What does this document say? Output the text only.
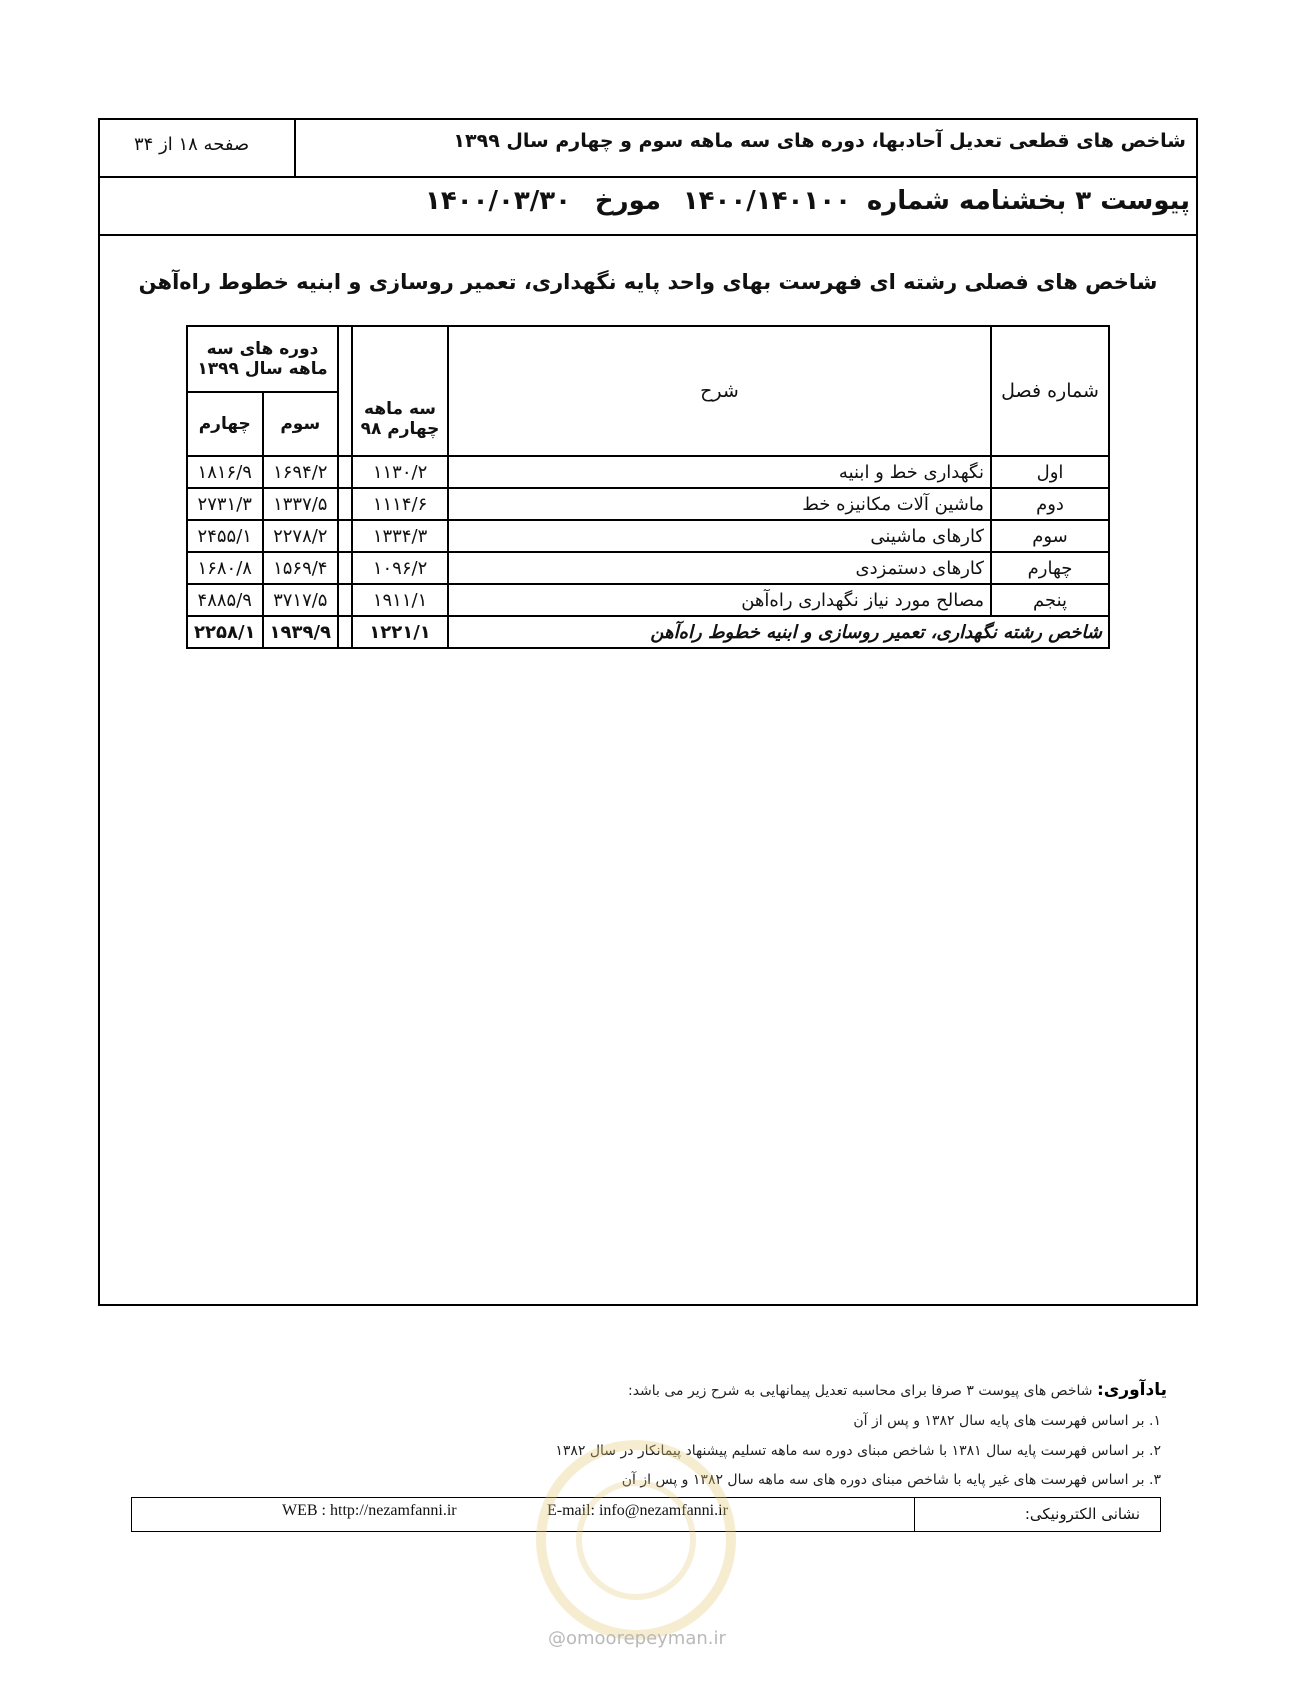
شاخص های قطعی تعدیل آحادبها، دوره های سه ماهه سوم و چهارم سال ۱۳۹۹
صفحه ۱۸ از ۳۴
پیوست ۳ بخشنامه شماره
۱۴۰۰/۱۴۰۱۰۰
مورخ
۱۴۰۰/۰۳/۳۰
شاخص های فصلی رشته ای فهرست بهای واحد پایه نگهداری، تعمیر روسازی و ابنیه خطوط راه‌آهن
شماره فصل	شرح	سه ماهه چهارم ۹۸		دوره های سه ماهه سال ۱۳۹۹	
				سوم	چهارم
اول	نگهداری خط و ابنیه	۱۱۳۰/۲		۱۶۹۴/۲	۱۸۱۶/۹
دوم	ماشین آلات مکانیزه خط	۱۱۱۴/۶		۱۳۳۷/۵	۲۷۳۱/۳
سوم	کارهای ماشینی	۱۳۳۴/۳		۲۲۷۸/۲	۲۴۵۵/۱
چهارم	کارهای دستمزدی	۱۰۹۶/۲		۱۵۶۹/۴	۱۶۸۰/۸
پنجم	مصالح مورد نیاز نگهداری راه‌آهن	۱۹۱۱/۱		۳۷۱۷/۵	۴۸۸۵/۹
شاخص رشته نگهداری، تعمیر روسازی و ابنیه خطوط راه‌آهن		۱۲۲۱/۱		۱۹۳۹/۹	۲۲۵۸/۱
یادآوری: شاخص های پیوست ۳ صرفا برای محاسبه تعدیل پیمانهایی به شرح زیر می باشد:
۱. بر اساس فهرست های پایه سال ۱۳۸۲ و پس از آن
۲. بر اساس فهرست پایه سال ۱۳۸۱ با شاخص مبنای دوره سه ماهه تسلیم پیشنهاد پیمانکار در سال ۱۳۸۲
۳. بر اساس فهرست های غیر پایه با شاخص مبنای دوره های سه ماهه سال ۱۳۸۲ و پس از آن
نشانی الکترونیکی:
E-mail: info@nezamfanni.ir
WEB : http://nezamfanni.ir
@omoorepeyman.ir
